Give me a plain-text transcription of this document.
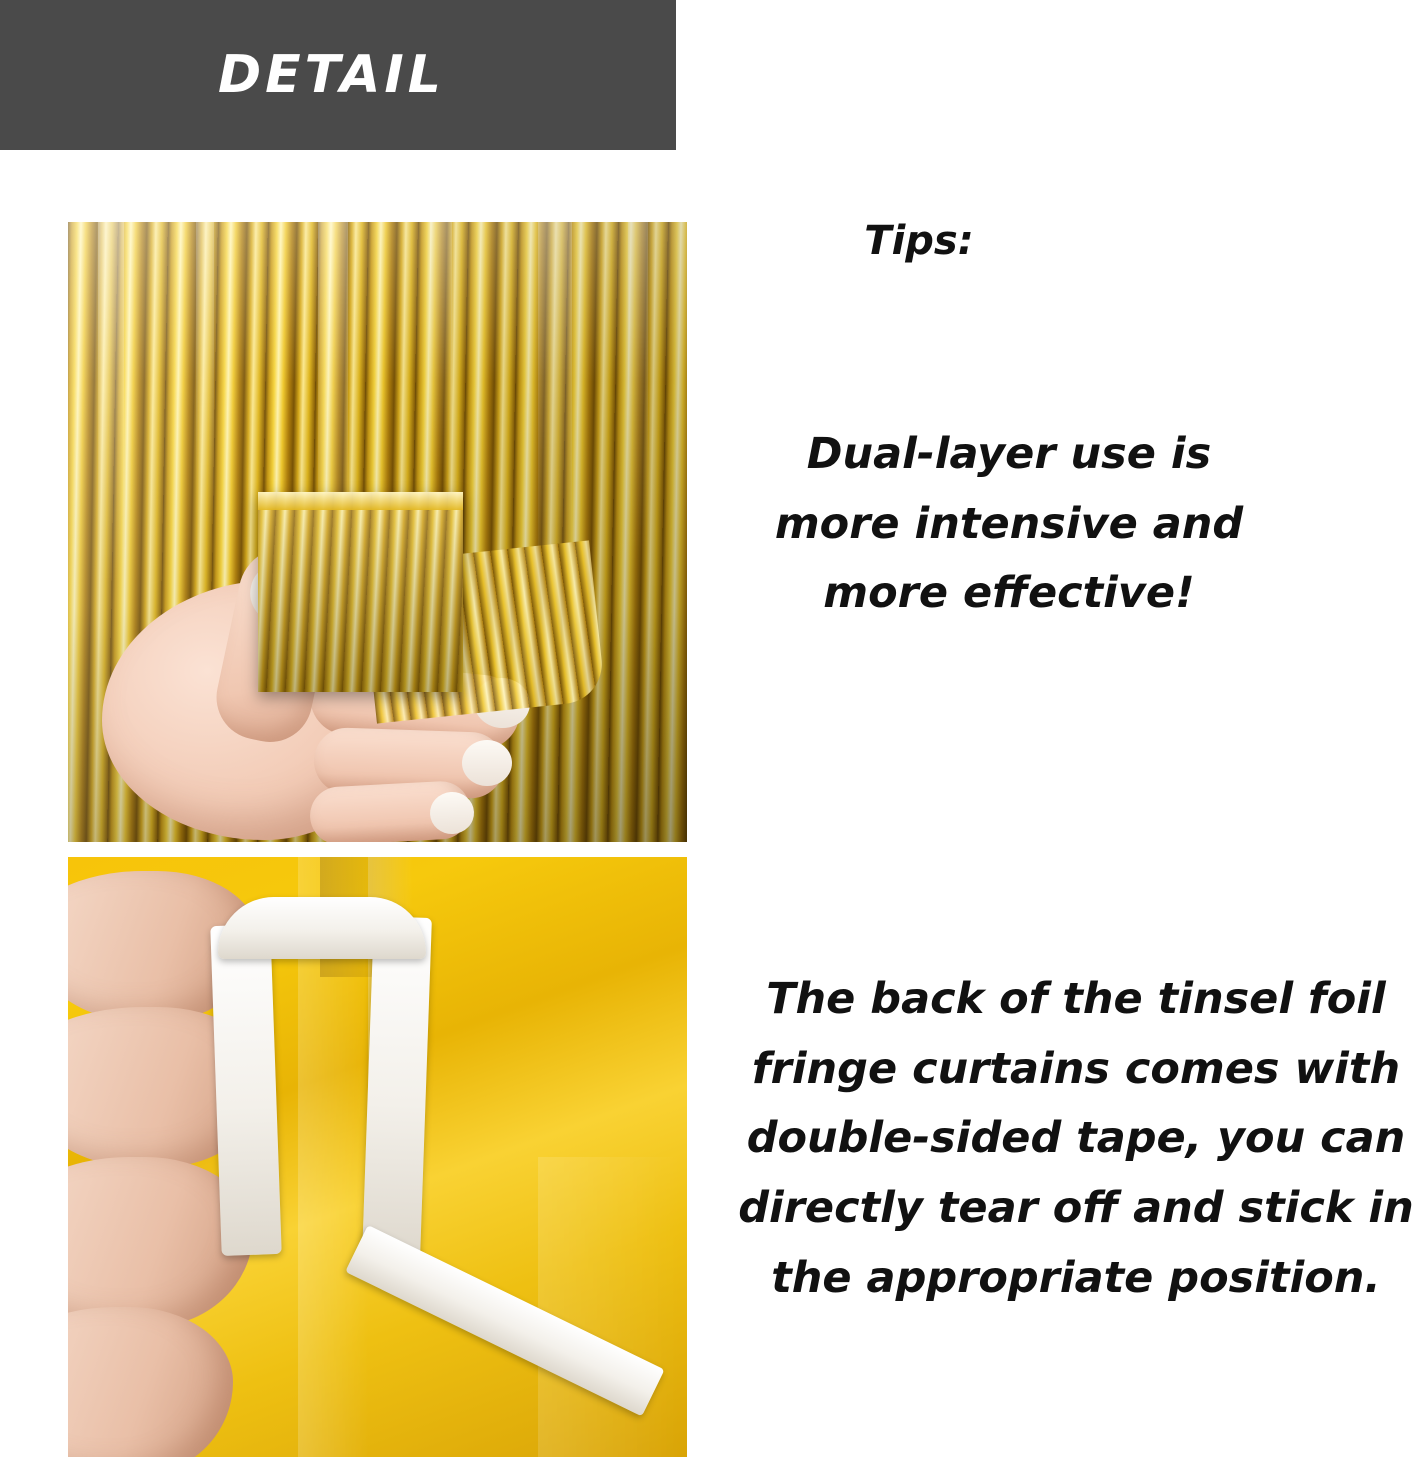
DETAIL
Tips:
Dual-layer use is
more intensive and
more effective!
The back of the tinsel foil
fringe curtains comes with
double-sided tape, you can
directly tear off and stick in
the appropriate position.
